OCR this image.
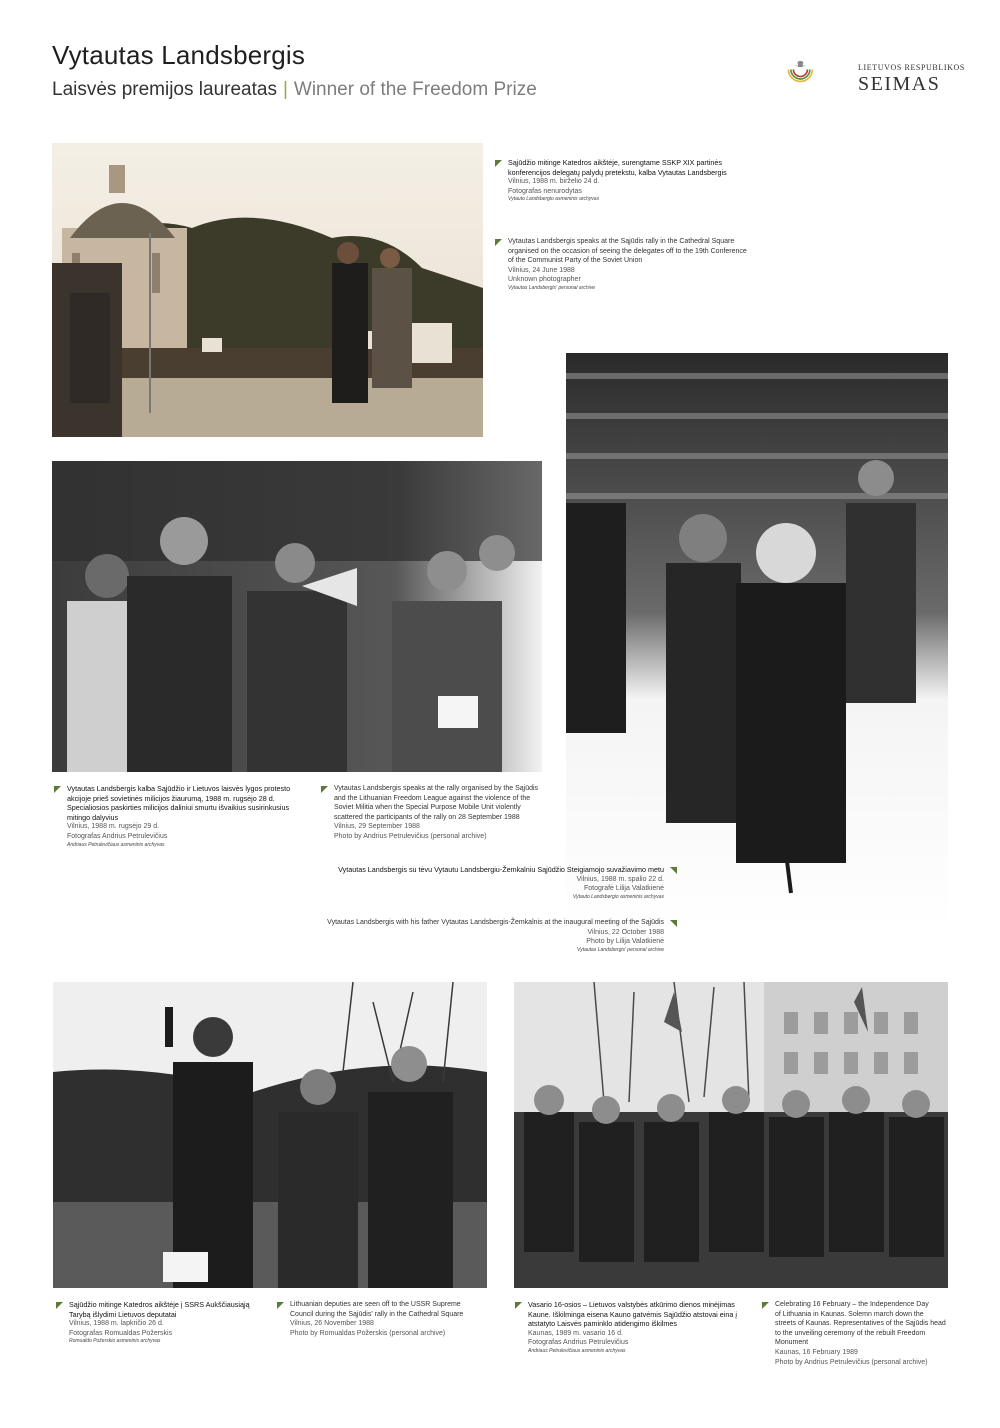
Vytautas Landsbergis
Laisvės premijos laureatas | Winner of the Freedom Prize
LIETUVOS RESPUBLIKOS
SEIMAS
Sąjūdžio mitinge Katedros aikštėje, surengtame SSKP XIX partinės
konferencijos delegatų palydų pretekstu, kalba Vytautas Landsbergis
Vilnius, 1988 m. birželio 24 d.
Fotografas nenurodytas
Vytauto Landsbergio asmeninis archyvas
Vytautas Landsbergis speaks at the Sąjūdis rally in the Cathedral Square
organised on the occasion of seeing the delegates off to the 19th Conference
of the Communist Party of the Soviet Union
Vilnius, 24 June 1988
Unknown photographer
Vytautas Landsbergis' personal archive
Vytautas Landsbergis kalba Sąjūdžio ir Lietuvos laisvės lygos protesto
akcijoje prieš sovietinės milicijos žiaurumą, 1988 m. rugsėjo 28 d.
Specialiosios paskirties milicijos daliniui smurtu išvaikius susirinkusius
mitingo dalyvius
Vilnius, 1988 m. rugsėjo 29 d.
Fotografas Andrius Petrulevičius
Andriaus Petrulevičiaus asmeninis archyvas
Vytautas Landsbergis speaks at the rally organised by the Sąjūdis
and the Lithuanian Freedom League against the violence of the
Soviet Militia when the Special Purpose Mobile Unit violently
scattered the participants of the rally on 28 September 1988
Vilnius, 29 September 1988
Photo by Andrius Petrulevičius (personal archive)
Vytautas Landsbergis su tėvu Vytautu Landsbergiu-Žemkalniu Sąjūdžio Steigiamojo suvažiavimo metu
Vilnius, 1988 m. spalio 22 d.
Fotografė Lilija Valatkienė
Vytauto Landsbergio asmeninis archyvas
Vytautas Landsbergis with his father Vytautas Landsbergis-Žemkalnis at the inaugural meeting of the Sąjūdis
Vilnius, 22 October 1988
Photo by Lilija Valatkienė
Vytautas Landsbergis' personal archive
Sąjūdžio mitinge Katedros aikštėje į SSRS Aukščiausiąją
Tarybą išlydimi Lietuvos deputatai
Vilnius, 1988 m. lapkričio 26 d.
Fotografas Romualdas Požerskis
Romualdo Požerskio asmeninis archyvas
Lithuanian deputies are seen off to the USSR Supreme
Council during the Sąjūdis' rally in the Cathedral Square
Vilnius, 26 November 1988
Photo by Romualdas Požerskis (personal archive)
Vasario 16-osios – Lietuvos valstybės atkūrimo dienos minėjimas
Kaune. Iškilminga eisena Kauno gatvėmis Sąjūdžio atstovai eina į
atstatyto Laisvės paminklo atidengimo iškilmes
Kaunas, 1989 m. vasario 16 d.
Fotografas Andrius Petrulevičius
Andriaus Petrulevičiaus asmeninis archyvas
Celebrating 16 February – the Independence Day
of Lithuania in Kaunas. Solemn march down the
streets of Kaunas. Representatives of the Sąjūdis head
to the unveiling ceremony of the rebuilt Freedom
Monument
Kaunas, 16 February 1989
Photo by Andrius Petrulevičius (personal archive)
